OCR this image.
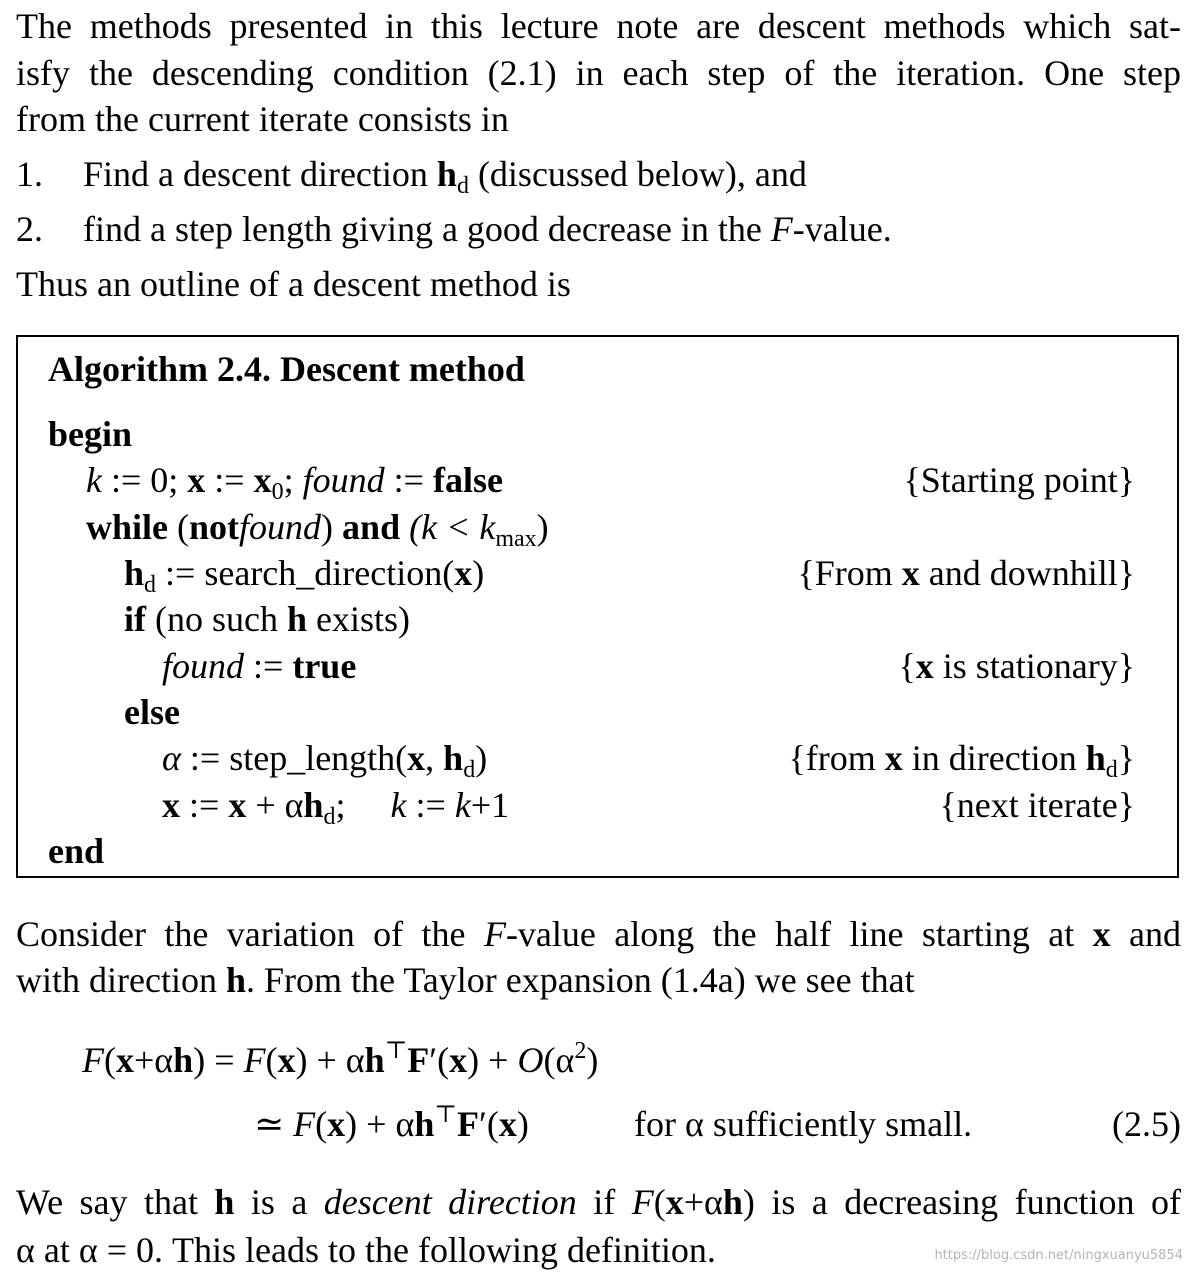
The methods presented in this lecture note are descent methods which sat-
isfy the descending condition (2.1) in each step of the iteration. One step
from the current iterate consists in
1. Find a descent direction hd (discussed below), and
2. find a step length giving a good decrease in the F-value.
Thus an outline of a descent method is
Algorithm 2.4. Descent method
begin
k := 0; x := x0; found := false	{Starting point}
while (notfound) and (k < kmax)
hd := search_direction(x)	{From x and downhill}
if (no such h exists)
found := true	{x is stationary}
else
α := step_length(x, hd)	{from x in direction hd}
x := x + αhd;     k := k+1	{next iterate}
end
Consider the variation of the F-value along the half line starting at x and
with direction h. From the Taylor expansion (1.4a) we see that
$F(x+\alpha h) = F(x) + \alpha h^⊤F'(x) + O(\alpha^2)$
≃ F(x) + αh⊤F′(x)	for α sufficiently small.	(2.5)
We say that h is a descent direction if F(x+αh) is a decreasing function of
α at α = 0. This leads to the following definition.	https://blog.csdn.net/ningxuanyu5854
